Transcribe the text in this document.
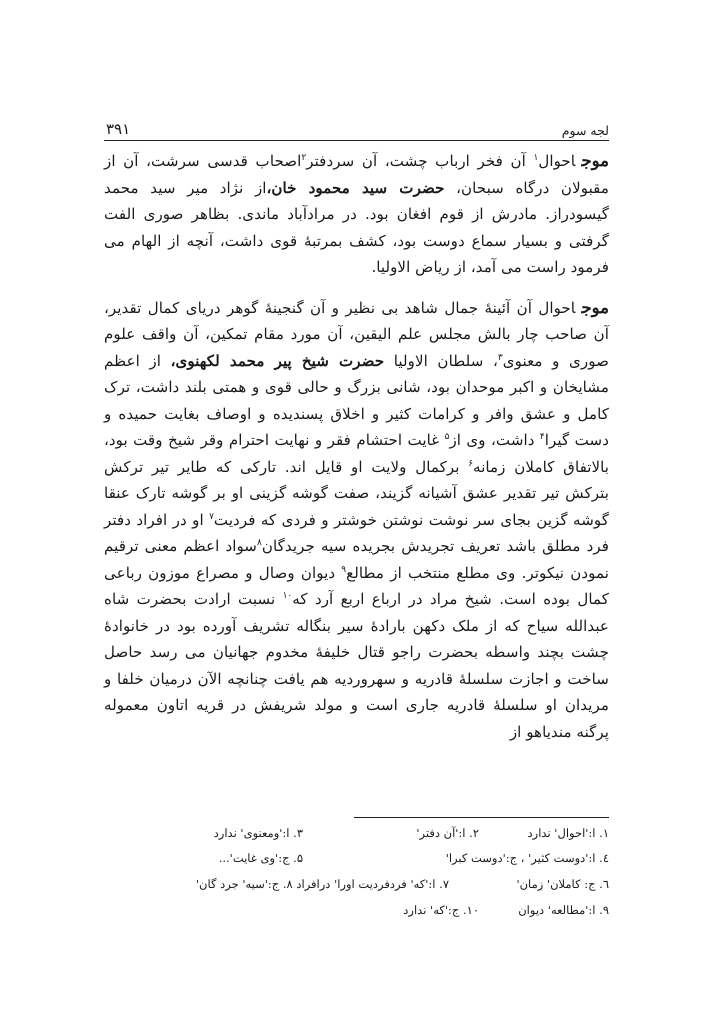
لجه سوم
۳۹۱

موجاحوال$^۱$ آن فخر ارباب چشت، آن سردفتر$^۲$اصحاب قدسی سرشت، آن از مقبولان درگاه سبحان، حضرت سید محمود خان،از نژاد میر سید محمد گیسودراز. مادرش از قوم افغان بود. در مرادآباد ماندی. بظاهر صوری الفت گرفتی و بسیار سماع دوست بود، کشف بمرتبهٔ قوی داشت، آنچه از الهام می فرمود راست می آمد، از ریاض الاولیا.

موجاحوال آن آئینهٔ جمال شاهد بی نظیر و آن گنجینهٔ گوهر دریای کمال تقدیر، آن صاحب چار بالش مجلس علم الیقین، آن مورد مقام تمکین، آن واقف علوم صوری و معنوی$^۳$، سلطان الاولیا حضرت شیخ پیر محمد لکهنوی، از اعظم مشایخان و اکبر موحدان بود، شانی بزرگ و حالی قوی و همتی بلند داشت، ترک کامل و عشق وافر و کرامات کثیر و اخلاق پسندیده و اوصاف بغایت حمیده و دست گیرا$^۴$ داشت، وی از$^۵$ غایت احتشام فقر و نهایت احترام وقر شیخ وقت بود، بالاتفاق کاملان زمانه$^۶$ برکمال ولایت او قایل اند. تارکی که طایر تیر ترکش بترکش تیر تقدیر عشق آشیانه گزیند، صفت گوشه گزینی او بر گوشه تارک عنقا گوشه گزین بجای سر نوشت نوشتن خوشتر و فردی که فردیت$^۷$ او در افراد دفتر فرد مطلق باشد تعریف تجریدش بجریده سیه جریدگان$^۸$سواد اعظم معنی ترقیم نمودن نیکوتر. وی مطلع منتخب از مطالع$^۹$ دیوان وصال و مصراع موزون رباعی کمال بوده است. شیخ مراد در ارباع اربع آرد که$^{۱۰}$ نسبت ارادت بحضرت شاه عبدالله سیاح که از ملک دکهن بارادهٔ سیر بنگاله تشریف آورده بود در خانوادهٔ چشت بچند واسطه بحضرت راجو قتال خلیفهٔ مخدوم جهانیان می رسد حاصل ساخت و اجازت سلسلهٔ قادریه و سهروردیه هم یافت چنانچه الآن درمیان خلفا و مریدان او سلسلهٔ قادریه جاری است و مولد شریفش در قریه اتاون معموله پرگنه مندیاهو از

۱. ا:'احوال' ندارد
۲. ا:'آن دفتر'
۳. ا:'ومعنوی' ندارد
٤. ا:'دوست کثیر' ، ج:'دوست کبرا'
۵. ج:'وی غایت'...
٦. ج: کاملان' زمان'
۷. ا:'که' فردفردیت اورا' درافراد ۸. ج:'سیه' جرد گان'
۹. ا:'مطالعه' دیوان
۱۰. ج:'که' ندارد
